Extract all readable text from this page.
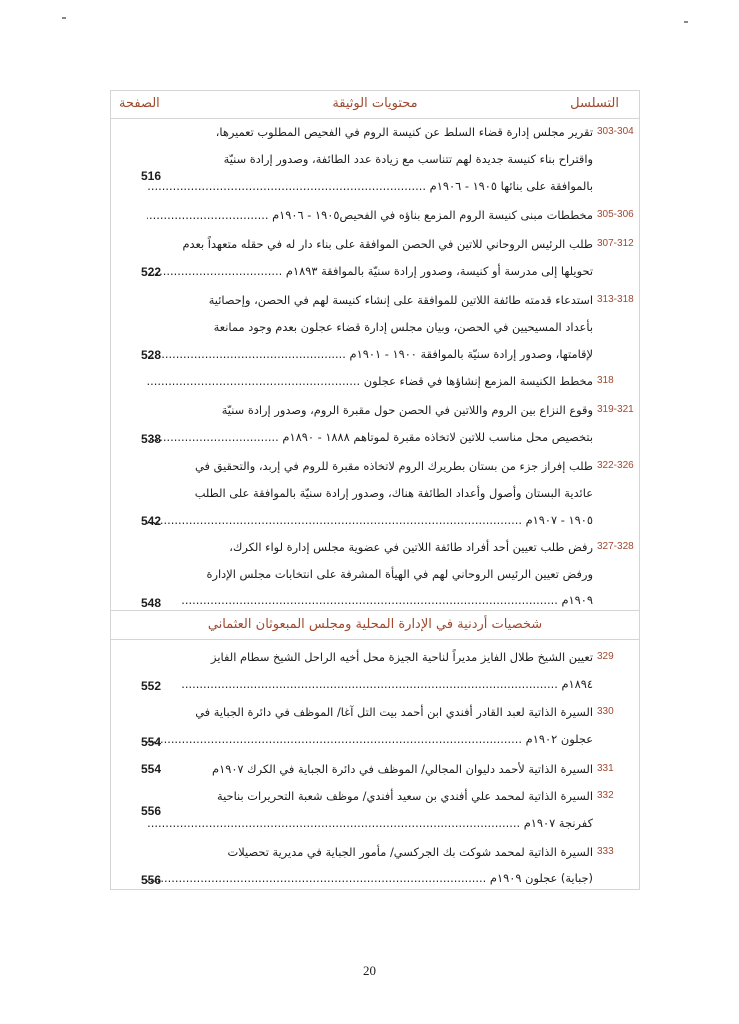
التسلسل
محتويات الوثيقة
الصفحة
303-304
تقرير مجلس إدارة قضاء السلط عن كنيسة الروم في الفحيص المطلوب تعميرها،
واقتراح بناء كنيسة جديدة لهم تتناسب مع زيادة عدد الطائفة، وصدور إرادة سنيّة
بالموافقة على بنائها ١٩٠٥ - ١٩٠٦م .....
516
305-306
مخططات مبنى كنيسة الروم المزمع بناؤه في الفحيص١٩٠٥ - ١٩٠٦م .....
307-312
طلب الرئيس الروحاني للاتين في الحصن الموافقة على بناء دار له في حقله متعهداً بعدم
تحويلها إلى مدرسة أو كنيسة، وصدور إرادة سنيّة بالموافقة ١٨٩٣م .....
522
313-318
استدعاء قدمته طائفة اللاتين للموافقة على إنشاء كنيسة لهم في الحصن، وإحصائية
بأعداد المسيحيين في الحصن، وبيان مجلس إدارة قضاء عجلون بعدم وجود ممانعة
لإقامتها، وصدور إرادة سنيّة بالموافقة ١٩٠٠ - ١٩٠١م .....
528
318
مخطط الكنيسة المزمع إنشاؤها في قضاء عجلون .....
319-321
وقوع النزاع بين الروم واللاتين في الحصن حول مقبرة الروم، وصدور إرادة سنيّة
بتخصيص محل مناسب للاتين لاتخاذه مقبرة لموتاهم ١٨٨٨ - ١٨٩٠م .....
538
322-326
طلب إفراز جزء من بستان بطريرك الروم لاتخاذه مقبرة للروم في إربد، والتحقيق في
عائدية البستان وأصول وأعداد الطائفة هناك، وصدور إرادة سنيّة بالموافقة على الطلب
١٩٠٥ - ١٩٠٧م .....
542
327-328
رفض طلب تعيين أحد أفراد طائفة اللاتين في عضوية مجلس إدارة لواء الكرك،
ورفض تعيين الرئيس الروحاني لهم في الهيأة المشرفة على انتخابات مجلس الإدارة
١٩٠٩م .....
548
شخصيات أردنية في الإدارة المحلية ومجلس المبعوثان العثماني
329
تعيين الشيخ طلال الفايز مديراً لناحية الجيزة محل أخيه الراحل الشيخ سطام الفايز
١٨٩٤م .....
552
330
السيرة الذاتية لعبد القادر أفندي ابن أحمد بيت التل آغا/ الموظف في دائرة الجباية في
عجلون ١٩٠٢م .....
554
331
السيرة الذاتية لأحمد دليوان المجالي/ الموظف في دائرة الجباية في الكرك ١٩٠٧م
554
332
السيرة الذاتية لمحمد علي أفندي بن سعيد أفندي/ موظف شعبة التحريرات بناحية
كفرنجة ١٩٠٧م .....
556
333
السيرة الذاتية لمحمد شوكت بك الجركسي/ مأمور الجباية في مديرية تحصيلات
(جباية) عجلون ١٩٠٩م .....
556
20
